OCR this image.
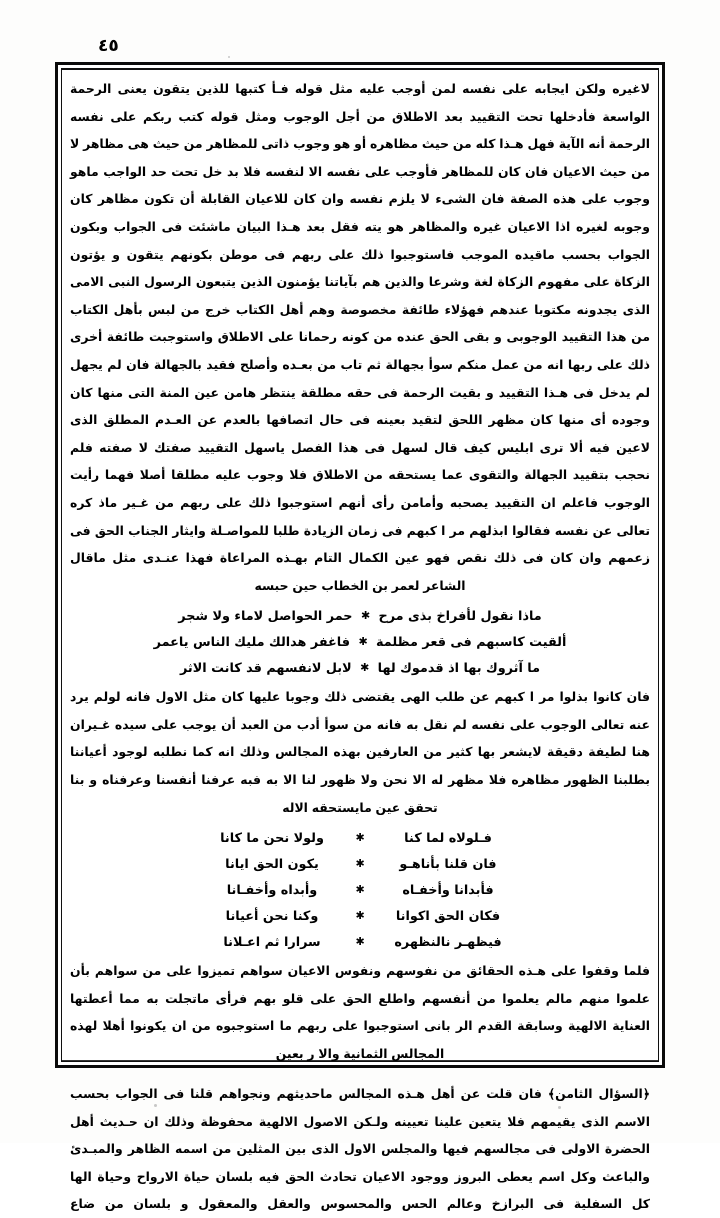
٤٥

لاغيره ولكن ايجابه على نفسه لمن أوجب عليه مثل قوله فـأ كتبها للذين يتقون يعنى الرحمة الواسعة فأدخلها تحت التقييد بعد الاطلاق من أجل الوجوب ومثل قوله كتب ربكم على نفسه الرحمة أنه الآية فهل هـذا كله من حيث مظاهره أو هو وجوب ذاتى للمظاهر من حيث هى مظاهر لا من حيث الاعيان فان كان للمظاهر فأوجب على نفسه الا لنفسه فلا بد خل تحت حد الواجب ماهو وجوب على هذه الصفة فان الشىء لا يلزم نفسه وان كان للاعيان القابلة أن تكون مظاهر كان وجوبه لغيره اذا الاعيان غيره والمظاهر هو يته فقل بعد هـذا البيان ماشئت فى الجواب وبكون الجواب بحسب ماقيده الموجب فاستوجبوا ذلك على ربهم فى موطن بكونهم يتقون و يؤتون الزكاة على مفهوم الزكاة لغة وشرعا والذين هم بآياتنا يؤمنون الذين يتبعون الرسول النبى الامى الذى يجدونه مكتوبا عندهم فهؤلاء طائفة مخصوصة وهم أهل الكتاب خرج من لبس بأهل الكتاب من هذا التقييد الوجوبى و بقى الحق عنده من كونه رحمانا على الاطلاق واستوجبت طائفة أخرى ذلك على ربها انه من عمل منكم سوأ بجهالة ثم تاب من بعـده وأصلح فقيد بالجهالة فان لم يجهل لم يدخل فى هـذا التقييد و بقيت الرحمة فى حقه مطلقة ينتظر هامن عين المنة التى منها كان وجوده أى منها كان مظهر اللحق لتقيد بعينه فى حال اتصافها بالعدم عن العـدم المطلق الذى لاعين فيه ألا ترى ابليس كيف قال لسهل فى هذا الفصل ياسهل التقييد صفتك لا صفته فلم نحجب بتقييد الجهالة والتقوى عما يستحقه من الاطلاق فلا وجوب عليه مطلقا أصلا فهما رأيت الوجوب فاعلم ان التقييد يصحبه وأمامن رأى أنهم استوجبوا ذلك على ربهم من غـير ماذ كره تعالى عن نفسه فقالوا ابذلهم مر ا كبهم فى زمان الزيادة طلبا للمواصـلة وايثار الجناب الحق فى زعمهم وان كان فى ذلك نقص فهو عين الكمال التام بهـذه المراعاة فهذا عنـدى مثل ماقال الشاعر لعمر بن الخطاب حين حبسه

ماذا نقول لأفراخ بذى مرح✱حمر الحواصل لاماء ولا شجر
ألقيت كاسبهم فى قعر مظلمة✱فاغفر هدالك مليك الناس ياعمر
ما آثروك بها اذ قدموك لها✱لابل لانفسهم قد كانت الاثر

فان كانوا بذلوا مر ا كبهم عن طلب الهى يقتضى ذلك وجوبا عليها كان مثل الاول فانه لولم يرد عنه تعالى الوجوب على نفسه لم نقل به فانه من سوأ أدب من العبد أن يوجب على سيده غـيران هنا لطيفة دقيقة لايشعر بها كثير من العارفين بهذه المجالس وذلك انه كما نطلبه لوجود أعياننا بطلبنا الظهور مظاهره فلا مظهر له الا نحن ولا ظهور لنا الا به فبه عرفنا أنفسنا وعرفناه و بنا تحقق عين مايستحقه الاله

فـلولاه لما كنا✱ولولا نحن ما كانا
فان قلنا بأناهـو✱يكون الحق ايانا
فأبدانا وأخفـاه✱وأبداه وأخفـانا
فكان الحق اكوانا✱وكنا نحن أعيانا
فيظهـر نالنظهره✱سرارا ثم اعـلانا

فلما وقفوا على هـذه الحقائق من نفوسهم ونفوس الاعيان سواهم تميزوا على من سواهم بأن علموا منهم مالم يعلموا من أنفسهم واطلع الحق على قلو بهم فرأى ماتجلت به مما أعطتها العناية الالهية وسابقة القدم الر بانى استوجبوا على ربهم ما استوجبوه من ان يكونوا أهلا لهذه المجالس الثمانية والا ر بعين

﴿السؤال الثامن﴾ فان قلت عن أهل هـذه المجالس ماحديثهم ونجواهم قلنا فى الجواب بحسب الاسم الذى يقيمهم فلا يتعين علينا تعيينه ولـكن الاصول الالهية محفوظة وذلك ان حـديث أهل الحضرة الاولى فى مجالسهم فيها والمجلس الاول الذى بين المثلين من اسمه الظاهر والمبـدئ والباعث وكل اسم يعطى البروز ووجود الاعيان تحادث الحق فيه بلسان حياة الارواح وحياة الها كل السفلية فى البرازخ وعالم الحس والمحسوس والعقل والمعقول و بلسان من ضاع
